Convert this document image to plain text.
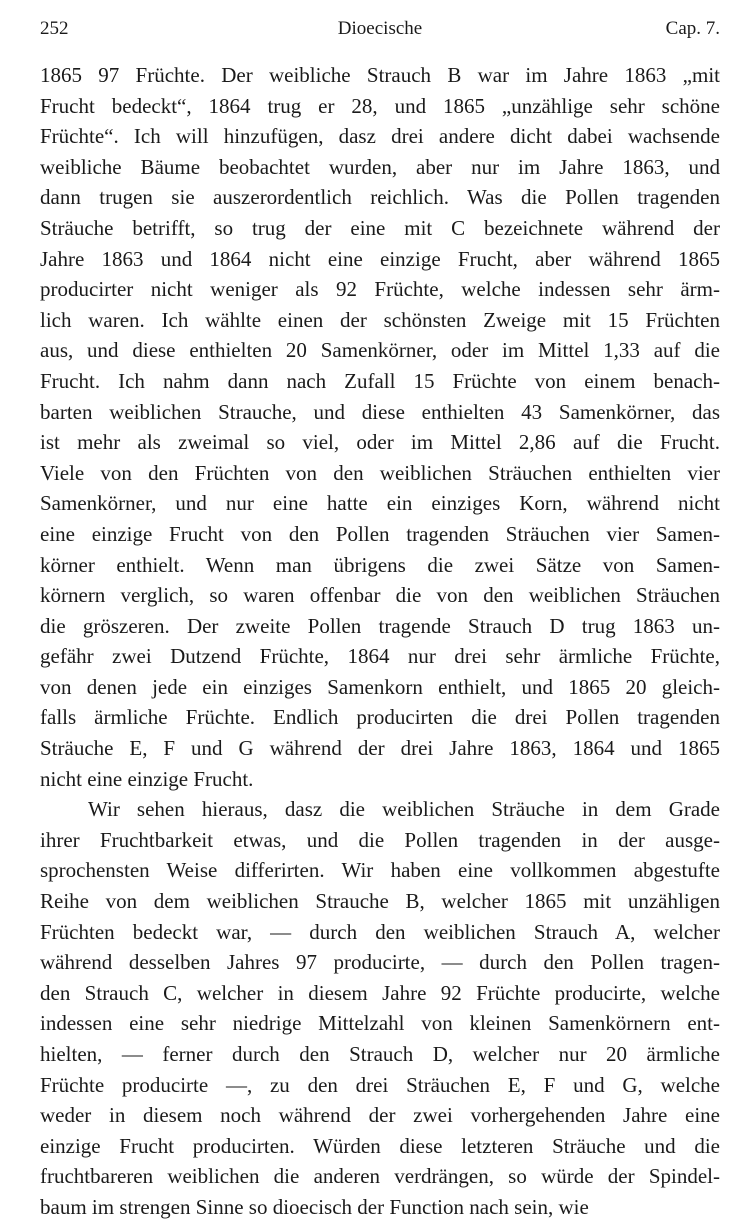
252	Dioecische	Cap. 7.
1865 97 Früchte. Der weibliche Strauch B war im Jahre 1863 „mit
Frucht bedeckt“, 1864 trug er 28, und 1865 „unzählige sehr schöne
Früchte“. Ich will hinzufügen, dasz drei andere dicht dabei wachsende
weibliche Bäume beobachtet wurden, aber nur im Jahre 1863, und
dann trugen sie auszerordentlich reichlich. Was die Pollen tragenden
Sträuche betrifft, so trug der eine mit C bezeichnete während der
Jahre 1863 und 1864 nicht eine einzige Frucht, aber während 1865
producirter nicht weniger als 92 Früchte, welche indessen sehr ärm-
lich waren. Ich wählte einen der schönsten Zweige mit 15 Früchten
aus, und diese enthielten 20 Samenkörner, oder im Mittel 1,33 auf die
Frucht. Ich nahm dann nach Zufall 15 Früchte von einem benach-
barten weiblichen Strauche, und diese enthielten 43 Samenkörner, das
ist mehr als zweimal so viel, oder im Mittel 2,86 auf die Frucht.
Viele von den Früchten von den weiblichen Sträuchen enthielten vier
Samenkörner, und nur eine hatte ein einziges Korn, während nicht
eine einzige Frucht von den Pollen tragenden Sträuchen vier Samen-
körner enthielt. Wenn man übrigens die zwei Sätze von Samen-
körnern verglich, so waren offenbar die von den weiblichen Sträuchen
die gröszeren. Der zweite Pollen tragende Strauch D trug 1863 un-
gefähr zwei Dutzend Früchte, 1864 nur drei sehr ärmliche Früchte,
von denen jede ein einziges Samenkorn enthielt, und 1865 20 gleich-
falls ärmliche Früchte. Endlich producirten die drei Pollen tragenden
Sträuche E, F und G während der drei Jahre 1863, 1864 und 1865
nicht eine einzige Frucht.
Wir sehen hieraus, dasz die weiblichen Sträuche in dem Grade
ihrer Fruchtbarkeit etwas, und die Pollen tragenden in der ausge-
sprochensten Weise differirten. Wir haben eine vollkommen abgestufte
Reihe von dem weiblichen Strauche B, welcher 1865 mit unzähligen
Früchten bedeckt war, — durch den weiblichen Strauch A, welcher
während desselben Jahres 97 producirte, — durch den Pollen tragen-
den Strauch C, welcher in diesem Jahre 92 Früchte producirte, welche
indessen eine sehr niedrige Mittelzahl von kleinen Samenkörnern ent-
hielten, — ferner durch den Strauch D, welcher nur 20 ärmliche
Früchte producirte —, zu den drei Sträuchen E, F und G, welche
weder in diesem noch während der zwei vorhergehenden Jahre eine
einzige Frucht producirten. Würden diese letzteren Sträuche und die
fruchtbareren weiblichen die anderen verdrängen, so würde der Spindel-
baum im strengen Sinne so dioecisch der Function nach sein, wie
